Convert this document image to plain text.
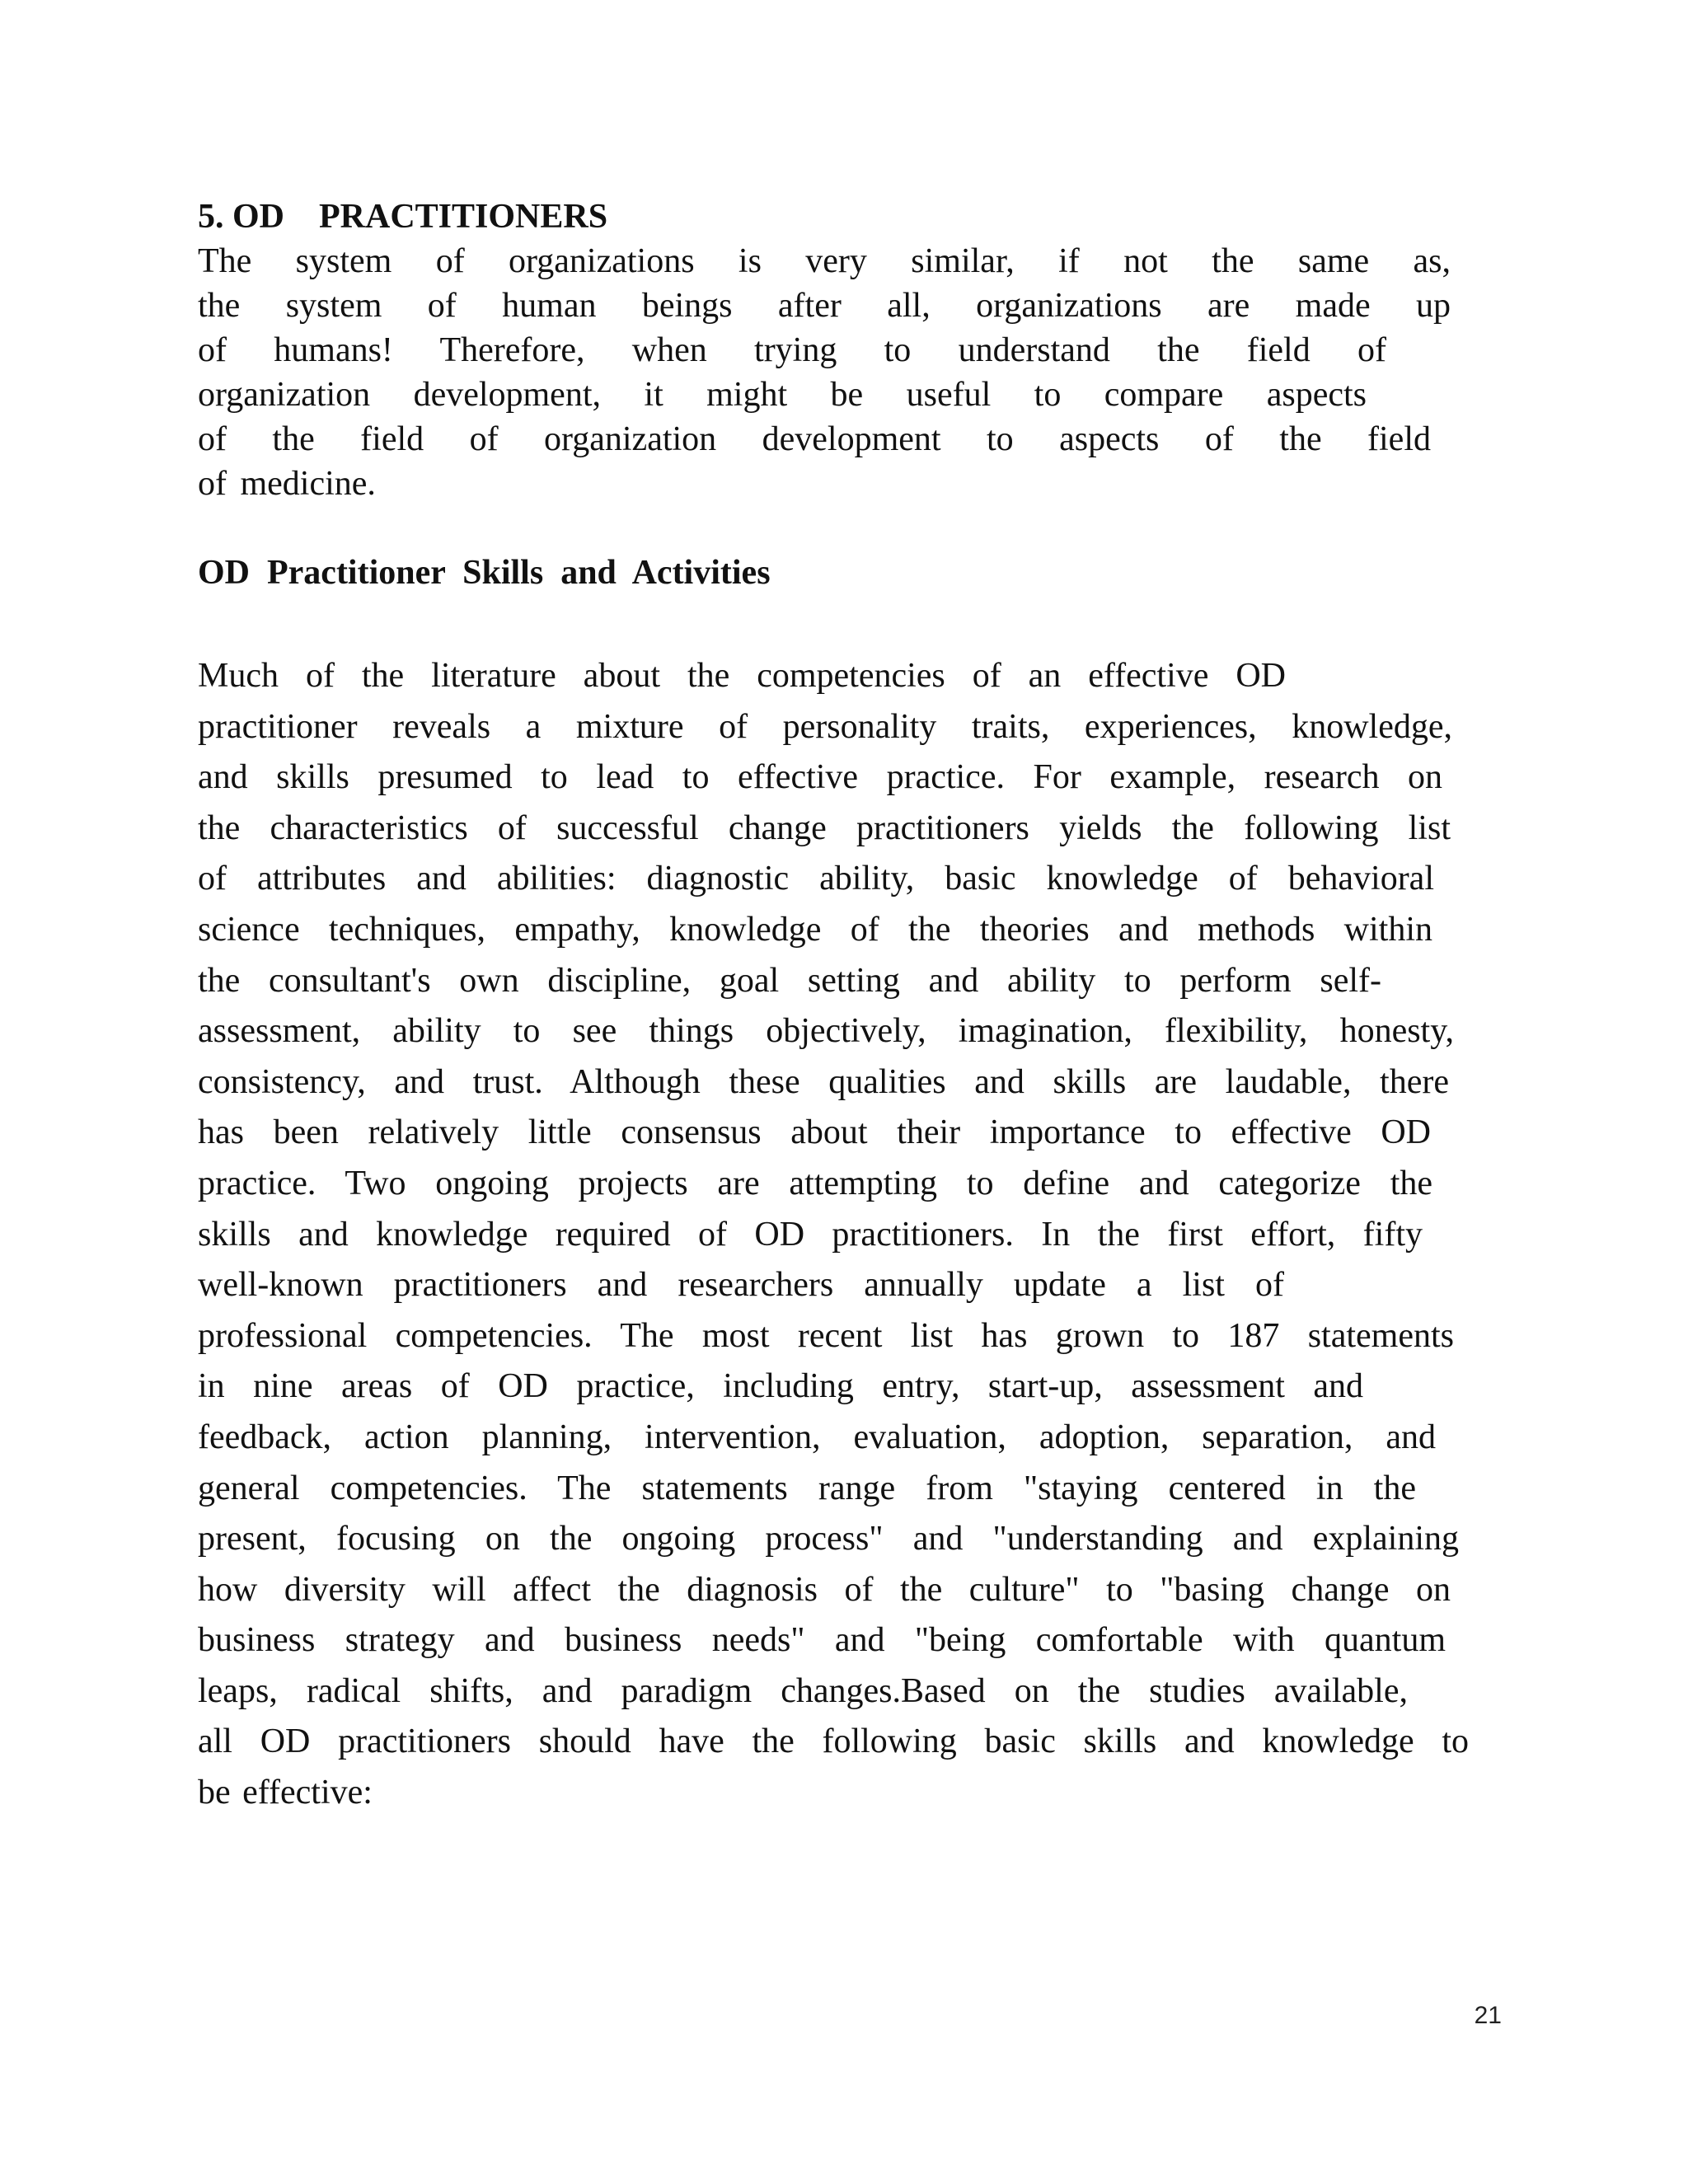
5. OD    PRACTITIONERS
The system of organizations is very similar, if not the same as,
the system of human beings after all, organizations are made up
of humans! Therefore, when trying to understand the field of
organization development, it might be useful to compare aspects
of the field of organization development to aspects of the field
of medicine.
OD  Practitioner  Skills  and  Activities
Much of the literature about the competencies of an effective OD
practitioner reveals a mixture of personality traits, experiences, knowledge,
and skills presumed to lead to effective practice. For example, research on
the characteristics of successful change practitioners yields the following list
of attributes and abilities: diagnostic ability, basic knowledge of behavioral
science techniques, empathy, knowledge of the theories and methods within
the consultant's own discipline, goal setting and ability to perform self-
assessment, ability to see things objectively, imagination, flexibility, honesty,
consistency, and trust. Although these qualities and skills are laudable, there
has been relatively little consensus about their importance to effective OD
practice. Two ongoing projects are attempting to define and categorize the
skills and knowledge required of OD practitioners. In the first effort, fifty
well-known practitioners and researchers annually update a list of
professional competencies. The most recent list has grown to 187 statements
in nine areas of OD practice, including entry, start-up, assessment and
feedback, action planning, intervention, evaluation, adoption, separation, and
general competencies. The statements range from "staying centered in the
present, focusing on the ongoing process" and "understanding and explaining
how diversity will affect the diagnosis of the culture" to "basing change on
business strategy and business needs" and "being comfortable with quantum
leaps, radical shifts, and paradigm changes.Based on the studies available,
all OD practitioners should have the following basic skills and knowledge to
be effective:
21
